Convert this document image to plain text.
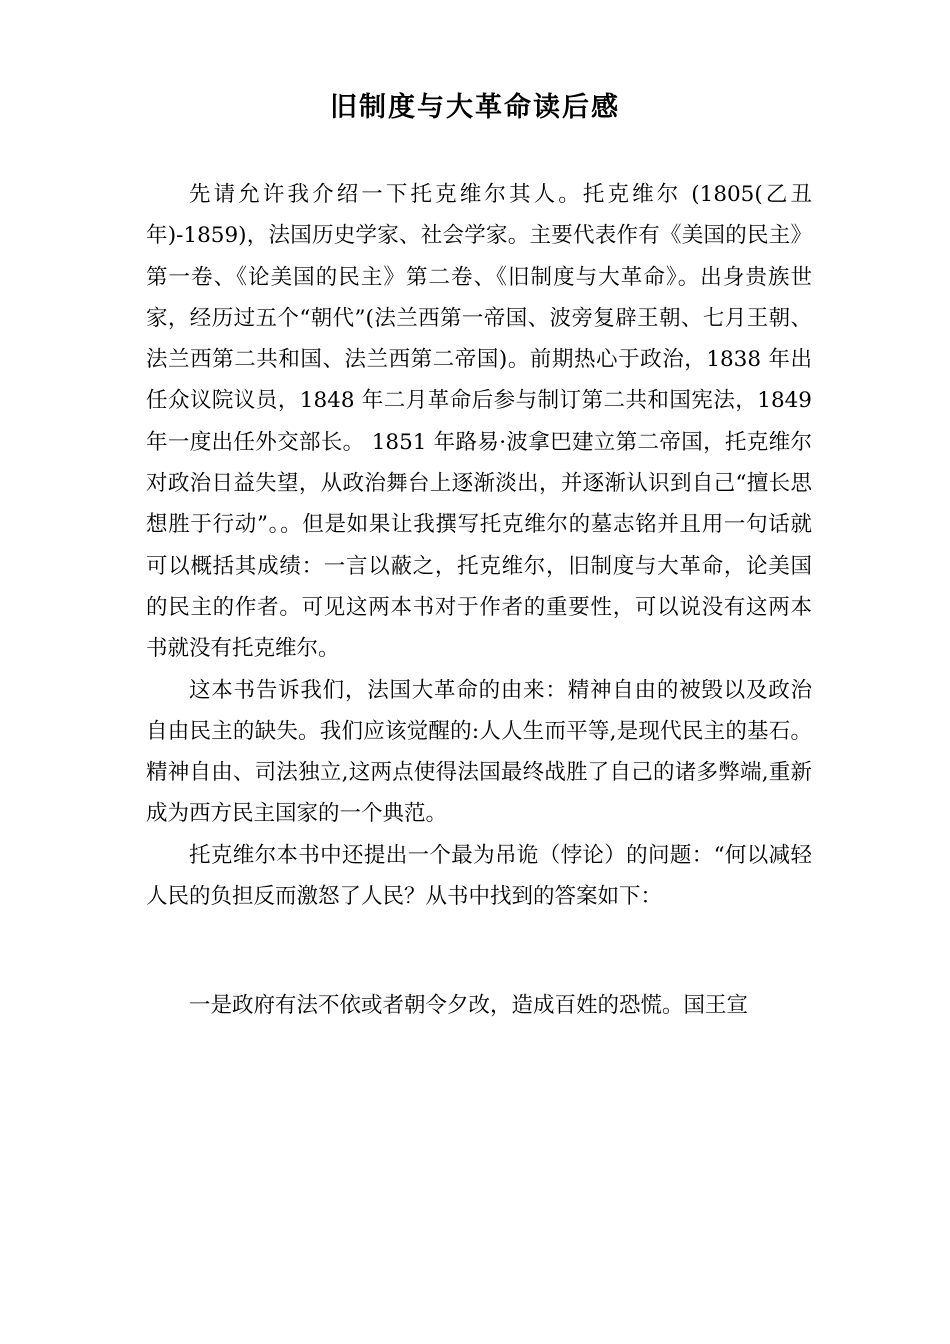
旧制度与大革命读后感

先请允许我介绍一下托克维尔其人。托克维尔 (1805(乙丑年)-1859)，法国历史学家、社会学家。主要代表作有《美国的民主》第一卷、《论美国的民主》第二卷、《旧制度与大革命》。出身贵族世家，经历过五个“朝代”(法兰西第一帝国、波旁复辟王朝、七月王朝、法兰西第二共和国、法兰西第二帝国)。前期热心于政治，1838 年出任众议院议员，1848 年二月革命后参与制订第二共和国宪法，1849 年一度出任外交部长。 1851 年路易·波拿巴建立第二帝国，托克维尔对政治日益失望，从政治舞台上逐渐淡出，并逐渐认识到自己“擅长思想胜于行动”。。但是如果让我撰写托克维尔的墓志铭并且用一句话就可以概括其成绩：一言以蔽之，托克维尔，旧制度与大革命，论美国的民主的作者。可见这两本书对于作者的重要性，可以说没有这两本书就没有托克维尔。

这本书告诉我们，法国大革命的由来：精神自由的被毁以及政治自由民主的缺失。我们应该觉醒的:人人生而平等,是现代民主的基石。精神自由、司法独立,这两点使得法国最终战胜了自己的诸多弊端,重新成为西方民主国家的一个典范。

托克维尔本书中还提出一个最为吊诡（悖论）的问题：“何以减轻人民的负担反而激怒了人民？从书中找到的答案如下：

一是政府有法不依或者朝令夕改，造成百姓的恐慌。国王宣
